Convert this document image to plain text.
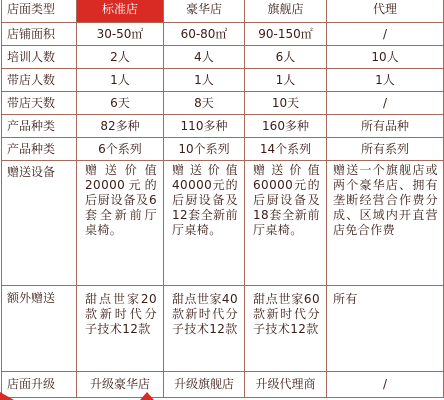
店面类型	标准店	豪华店	旗舰店	代理
店铺面积	30-50㎡	60-80㎡	90-150㎡	/
培训人数	2人	4人	6人	10人
带店人数	1人	1人	1人	1人
带店天数	6天	8天	10天	/
产品种类	82多种	110多种	160多种	所有品种
产品种类	6个系列	10个系列	14个系列	所有系列
赠送设备	赠送价值20000元的后厨设备及6套全新前厅桌椅。	赠送价值40000元的后厨设备及12套全新前厅桌椅。	赠送价值60000元的后厨设备及18套全新前厅桌椅。	赠送一个旗舰店或两个豪华店、拥有垄断经营合作费分成、区域内开直营店免合作费

额外赠送	甜点世家20款新时代分子技术12款	甜点世家40款新时代分子技术12款	甜点世家60款新时代分子技术12款	所有

店面升级	升级豪华店	升级旗舰店	升级代理商	/
